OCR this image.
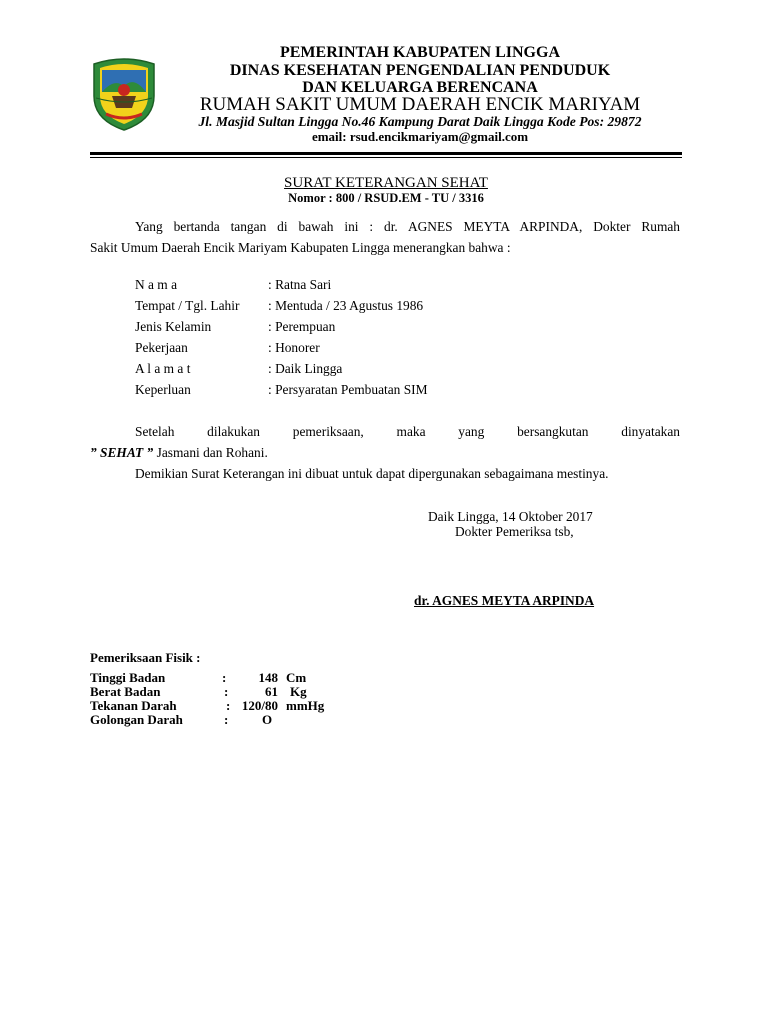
PEMERINTAH KABUPATEN LINGGA
DINAS KESEHATAN PENGENDALIAN PENDUDUK
DAN KELUARGA BERENCANA
RUMAH SAKIT UMUM DAERAH ENCIK MARIYAM
Jl. Masjid Sultan Lingga No.46 Kampung Darat Daik Lingga Kode Pos: 29872
email: rsud.encikmariyam@gmail.com
SURAT KETERANGAN SEHAT
Nomor : 800 / RSUD.EM - TU / 3316
Yang bertanda tangan di bawah ini : dr. AGNES MEYTA ARPINDA, Dokter Rumah
Sakit Umum Daerah Encik Mariyam Kabupaten Lingga menerangkan bahwa :
N a m a	: Ratna Sari
Tempat / Tgl. Lahir : Mentuda / 23 Agustus 1986
Jenis Kelamin	: Perempuan
Pekerjaan	: Honorer
A l a m a t	: Daik Lingga
Keperluan	: Persyaratan Pembuatan SIM
Setelah dilakukan pemeriksaan, maka yang bersangkutan dinyatakan
” SEHAT ” Jasmani dan Rohani.
Demikian Surat Keterangan ini dibuat untuk dapat dipergunakan sebagaimana mestinya.
Daik Lingga, 14 Oktober 2017
Dokter Pemeriksa tsb,
dr. AGNES MEYTA ARPINDA
Pemeriksaan Fisik :
Tinggi Badan	:	148 Cm
Berat Badan	:	61 Kg
Tekanan Darah	: 120/80 mmHg
Golongan Darah	:	O
